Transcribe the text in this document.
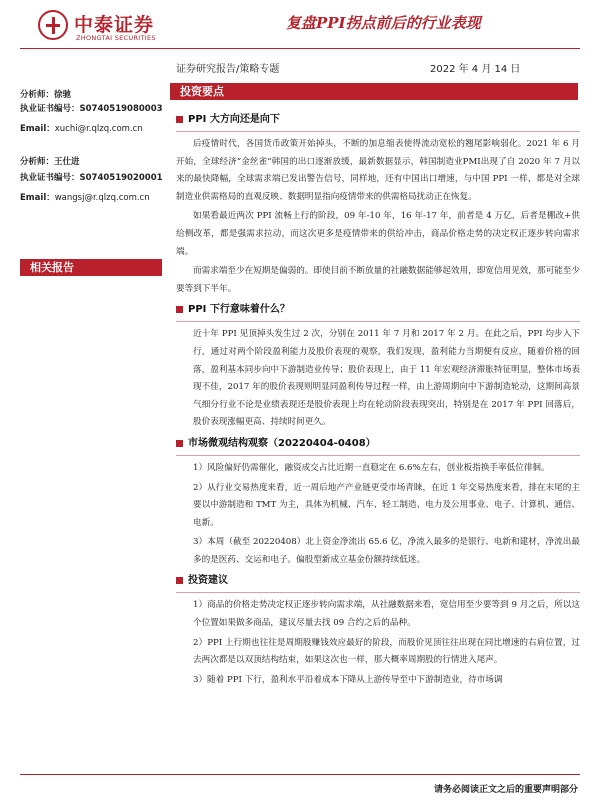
中泰证券
ZHONGTAI SECURITIES
复盘PPI拐点前后的行业表现
证券研究报告/策略专题	2022 年 4 月 14 日
投资要点
分析师：徐驰
执业证书编号：S0740519080003
Email：xuchi@r.qlzq.com.cn
分析师：王仕进
执业证书编号：S0740519020001
Email：wangsj@r.qlzq.com.cn
相关报告
PPI 大方向还是向下

后疫情时代，各国货币政策开始掉头，不断的加息缩表使得流动宽松的翘尾影响弱化。2021 年 6 月开始，全球经济“金丝雀”韩国的出口逐渐放缓，最新数据显示，韩国制造业PMI出现了自 2020 年 7 月以来的最快降幅，全球需求端已发出警告信号，同样地，还有中国出口增速，与中国 PPI 一样，都是对全球制造业供需格局的直观反映、数据明显指向疫情带来的供需格局扰动正在恢复。

如果看最近两次 PPI 流畅上行的阶段，09 年-10 年，16 年-17 年，前者是 4 万亿，后者是棚改+供给侧改革，都是强需求拉动，而这次更多是疫情带来的供给冲击，商品价格走势的决定权正逐步转向需求端。

而需求端至少在短期是偏弱的。即使目前不断放量的社融数据能够起效用，即宽信用见效，那可能至少要等到下半年。

PPI 下行意味着什么？

近十年 PPI 见顶掉头发生过 2 次，分别在 2011 年 7 月和 2017 年 2 月。在此之后，PPI 均步入下行，通过对两个阶段盈利能力及股价表现的观察，我们发现，盈利能力当期便有反应，随着价格的回落，盈利基本同步向中下游制造业传导；股价表现上，由于 11 年宏观经济滞胀特征明显，整体市场表现不佳，2017 年的股价表现则明显同盈利传导过程一样，由上游周期向中下游制造轮动，这期间高景气细分行业不论是业绩表现还是股价表现上均在轮动阶段表现突出，特别是在 2017 年 PPI 回落后，股价表现涨幅更高、持续时间更久。

市场微观结构观察（20220404-0408）

1）风险偏好仍需催化，融资成交占比近期一直稳定在 6.6%左右，创业板指换手率低位徘徊。

2）从行业交易热度来看，近一周后地产产业链更受市场青睐，在近 1 年交易热度来看，排在末尾的主要以中游制造和 TMT 为主，具体为机械、汽车、轻工制造、电力及公用事业、电子、计算机、通信、电新。

3）本周（截至 20220408）北上资金净流出 65.6 亿，净流入最多的是银行、电新和建材，净流出最多的是医药、交运和电子。偏股型新成立基金份额持续低迷。

投资建议

1）商品的价格走势决定权正逐步转向需求端，从社融数据来看，宽信用至少要等到 9 月之后，所以这个位置如果做多商品，建议尽量去找 09 合约之后的品种。

2）PPI 上行期也往往是周期股赚钱效应最好的阶段，而股价见顶往往出现在同比增速的右肩位置，过去两次都是以双顶结构结束，如果这次也一样，那大概率周期股的行情进入尾声。

3）随着 PPI 下行，盈利水平沿着成本下降从上游传导至中下游制造业，待市场调

请务必阅读正文之后的重要声明部分
